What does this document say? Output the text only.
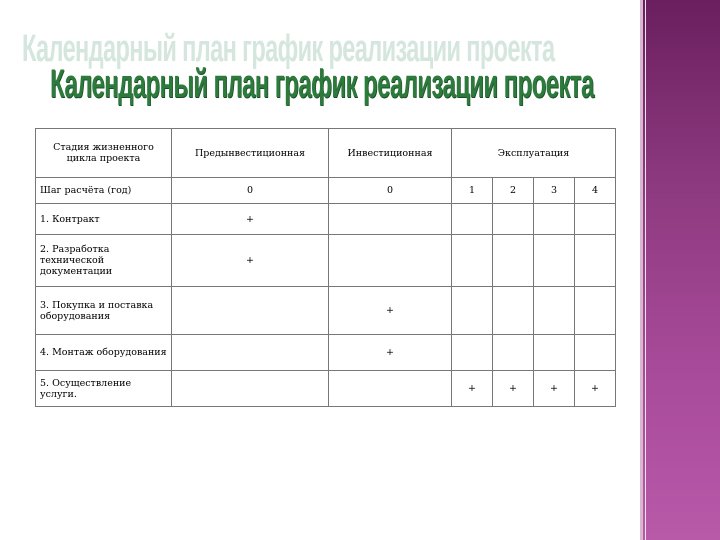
Календарный план график реализации проекта
Календарный план график реализации проекта
Стадия жизненного цикла проекта	Предынвестиционная	Инвестиционная	Эксплуатация			
Шаг расчёта (год)	0	0	1	2	3	4
1. Контракт	+					
2. Разработка технической документации	+					
3. Покупка и поставка оборудования		+				
4. Монтаж оборудования		+				
5. Осуществление услуги.			+	+	+	+
